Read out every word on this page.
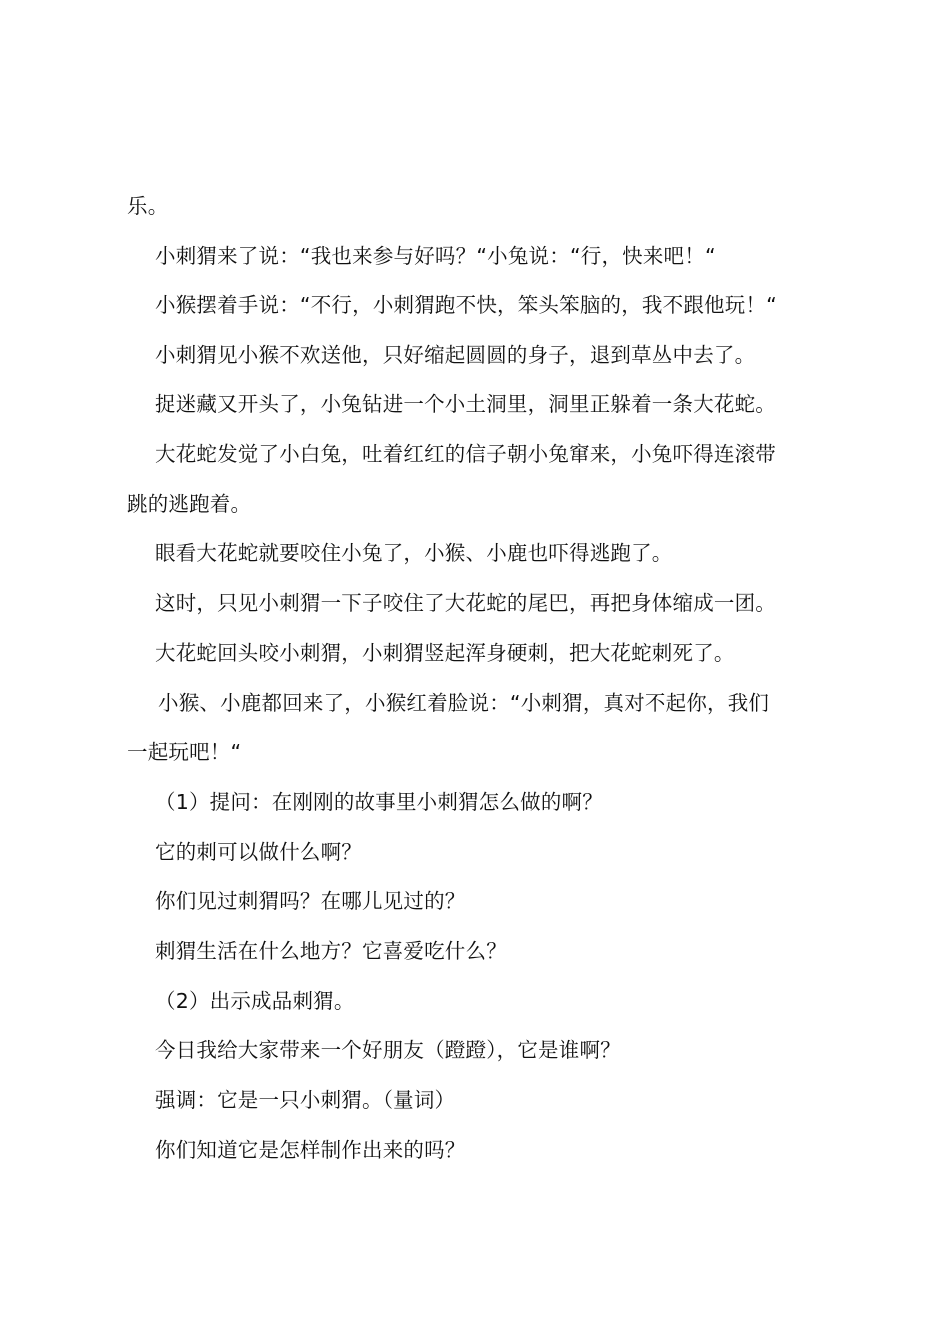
乐。
小刺猬来了说：“我也来参与好吗？“小兔说：“行，快来吧！“
小猴摆着手说：“不行，小刺猬跑不快，笨头笨脑的，我不跟他玩！“
小刺猬见小猴不欢送他，只好缩起圆圆的身子，退到草丛中去了。
捉迷藏又开头了，小兔钻进一个小土洞里，洞里正躲着一条大花蛇。
大花蛇发觉了小白兔，吐着红红的信子朝小兔窜来，小兔吓得连滚带
跳的逃跑着。
眼看大花蛇就要咬住小兔了，小猴、小鹿也吓得逃跑了。
这时，只见小刺猬一下子咬住了大花蛇的尾巴，再把身体缩成一团。
大花蛇回头咬小刺猬，小刺猬竖起浑身硬刺，把大花蛇刺死了。
小猴、小鹿都回来了，小猴红着脸说：“小刺猬，真对不起你，我们
一起玩吧！“
（1）提问：在刚刚的故事里小刺猬怎么做的啊？
它的刺可以做什么啊？
你们见过刺猬吗？在哪儿见过的？
刺猬生活在什么地方？它喜爱吃什么？
（2）出示成品刺猬。
今日我给大家带来一个好朋友（蹬蹬），它是谁啊？
强调：它是一只小刺猬。（量词）
你们知道它是怎样制作出来的吗？
